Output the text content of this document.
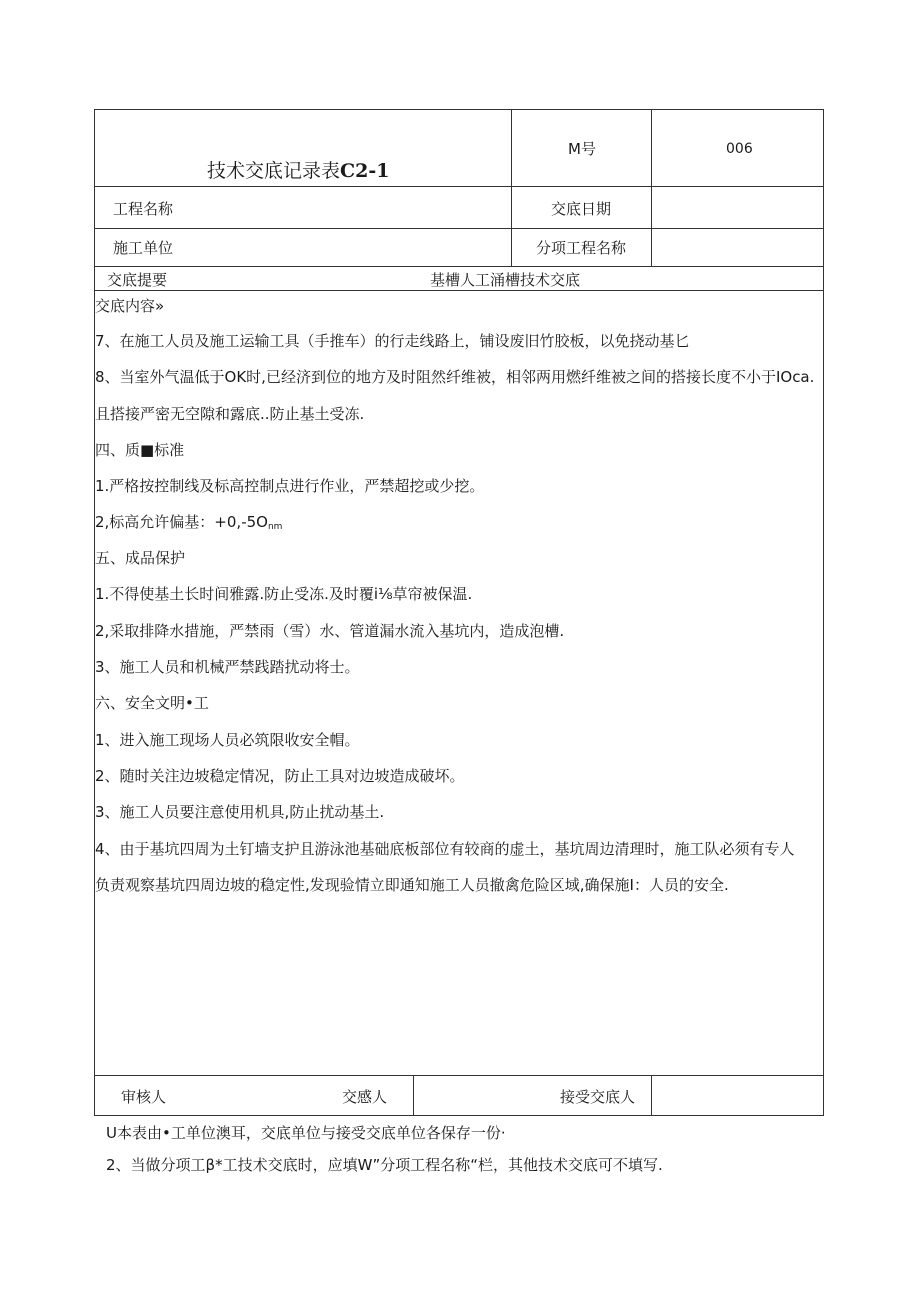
技术交底记录表C2-1
M号	006
工程名称	交底日期
施工单位	分项工程名称
交底提要	基槽人工涌槽技术交底
交底内容»
7、在施工人员及施工运输工具（手推车）的行走线路上，铺设废旧竹胶板，以免挠动基匕
8、当室外气温低于OK时,已经济到位的地方及时阻然纤维被，相邻两用燃纤维被之间的搭接长度不小于IOca.
且搭接严密无空隙和露底..防止基土受冻.
四、质■标准
1.严格按控制线及标高控制点进行作业，严禁超挖或少挖。
2,标高允许偏基：$+0,-5O_{nm}$
五、成品保护
1.不得使基土长时间雅露.防止受冻.及时覆i⅛草帘被保温.
2,采取排降水措施，严禁雨（雪）水、管道漏水流入基坑内，造成泡槽.
3、施工人员和机械严禁践踏扰动将士。
六、安全文明•工
1、进入施工现场人员必筑限收安全帽。
2、随时关注边坡稳定情况，防止工具对边坡造成破坏。
3、施工人员要注意使用机具,防止扰动基土.
4、由于基坑四周为土钉墙支护且游泳池基础底板部位有较商的虚土，基坑周边清理时，施工队必须有专人
负责观察基坑四周边坡的稳定性,发现验情立即通知施工人员撤禽危险区域,确保施I：人员的安全.
审核人	交感人	接受交底人
U本表由•工单位澳耳，交底单位与接受交底单位各保存一份·
2、当做分项工β*工技术交底时，应填W”分项工程名称“栏，其他技术交底可不填写.
